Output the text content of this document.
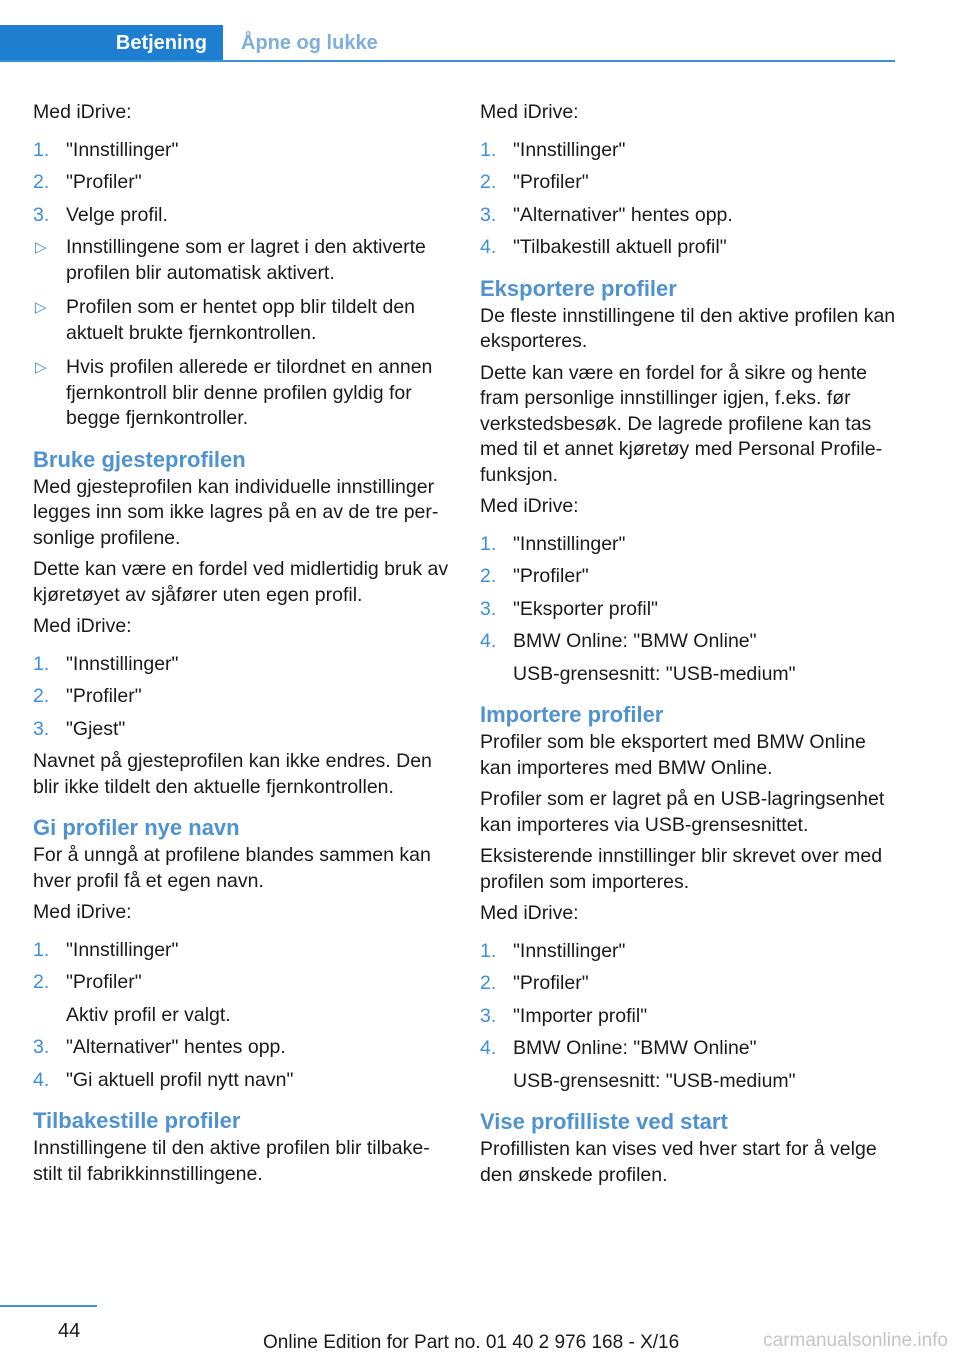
Betjening	Åpne og lukke

Med iDrive:

1. "Innstillinger"
2. "Profiler"
3. Velge profil.
▷ Innstillingene som er lagret i den aktiverte profilen blir automatisk aktivert.
▷ Profilen som er hentet opp blir tildelt den aktuelt brukte fjernkontrollen.
▷ Hvis profilen allerede er tilordnet en annen fjernkontroll blir denne profilen gyldig for begge fjernkontroller.
Bruke gjesteprofilen

Med gjesteprofilen kan individuelle innstillinger legges inn som ikke lagres på en av de tre personlige profilene.

Dette kan være en fordel ved midlertidig bruk av kjøretøyet av sjåfører uten egen profil.

Med iDrive:

1. "Innstillinger"
2. "Profiler"
3. "Gjest"

Navnet på gjesteprofilen kan ikke endres. Den blir ikke tildelt den aktuelle fjernkontrollen.

Gi profiler nye navn

For å unngå at profilene blandes sammen kan hver profil få et egen navn.

Med iDrive:

1. "Innstillinger"
2. "Profiler"
Aktiv profil er valgt.
3. "Alternativer" hentes opp.
4. "Gi aktuell profil nytt navn"
Tilbakestille profiler

Innstillingene til den aktive profilen blir tilbakestilt til fabrikkinnstillingene.

Med iDrive:

1. "Innstillinger"
2. "Profiler"
3. "Alternativer" hentes opp.
4. "Tilbakestill aktuell profil"
Eksportere profiler

De fleste innstillingene til den aktive profilen kan eksporteres.

Dette kan være en fordel for å sikre og hente fram personlige innstillinger igjen, f.eks. før verkstedsbesøk. De lagrede profilene kan tas med til et annet kjøretøy med Personal Profile-funksjon.

Med iDrive:

1. "Innstillinger"
2. "Profiler"
3. "Eksporter profil"
4. BMW Online: "BMW Online"
USB-grensesnitt: "USB-medium"
Importere profiler

Profiler som ble eksportert med BMW Online kan importeres med BMW Online.

Profiler som er lagret på en USB-lagringsenhet kan importeres via USB-grensesnittet.

Eksisterende innstillinger blir skrevet over med profilen som importeres.

Med iDrive:

1. "Innstillinger"
2. "Profiler"
3. "Importer profil"
4. BMW Online: "BMW Online"
USB-grensesnitt: "USB-medium"
Vise profilliste ved start

Profillisten kan vises ved hver start for å velge den ønskede profilen.

44
Online Edition for Part no. 01 40 2 976 168 - X/16	carmanualsonline.info
